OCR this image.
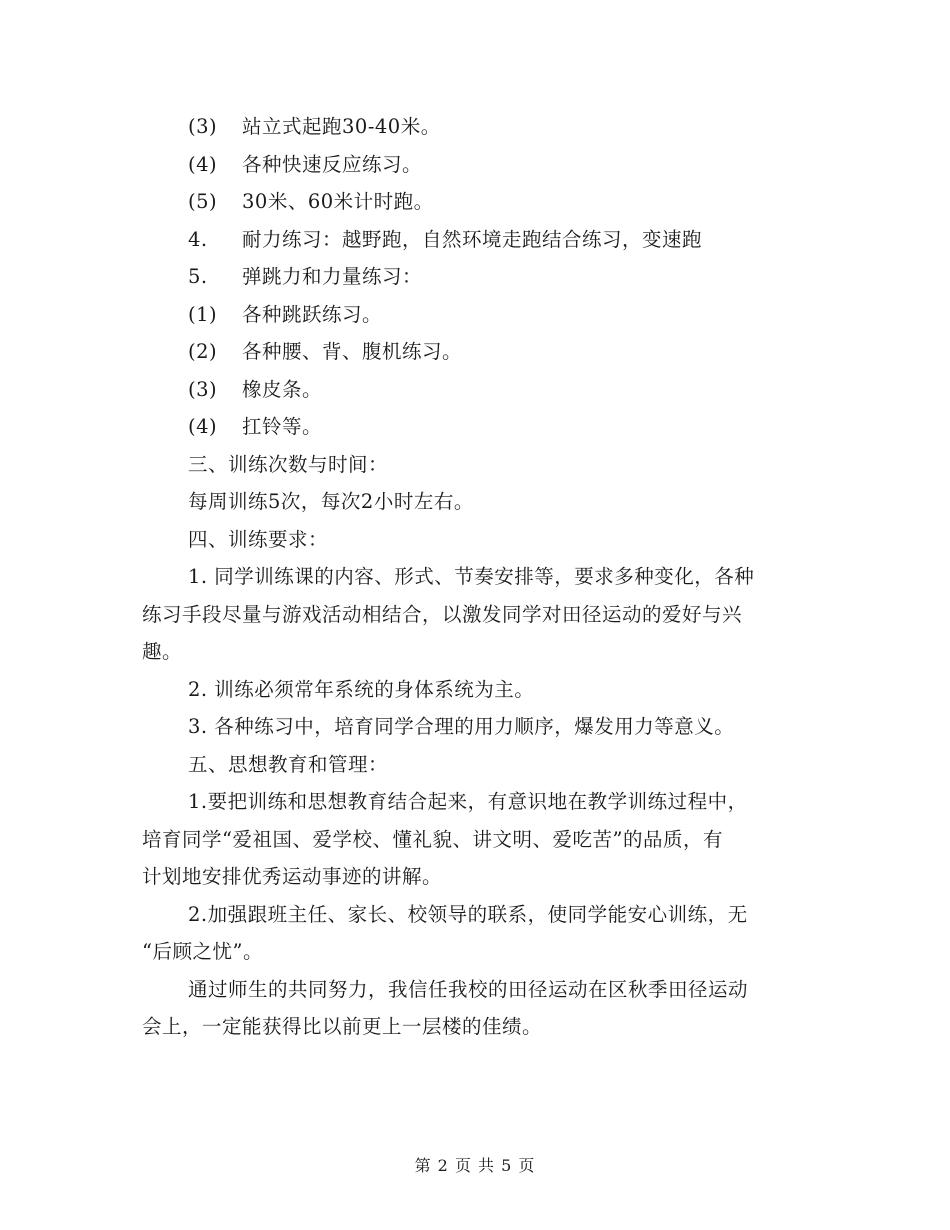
(3) 站立式起跑30-40米。
(4) 各种快速反应练习。
(5) 30米、60米计时跑。
4. 耐力练习：越野跑，自然环境走跑结合练习，变速跑
5. 弹跳力和力量练习：
(1) 各种跳跃练习。
(2) 各种腰、背、腹机练习。
(3) 橡皮条。
(4) 扛铃等。
三、训练次数与时间：
每周训练5次，每次2小时左右。
四、训练要求：
1. 同学训练课的内容、形式、节奏安排等，要求多种变化，各种
练习手段尽量与游戏活动相结合，以激发同学对田径运动的爱好与兴
趣。
2. 训练必须常年系统的身体系统为主。
3. 各种练习中，培育同学合理的用力顺序，爆发用力等意义。
五、思想教育和管理：
1.要把训练和思想教育结合起来，有意识地在教学训练过程中，
培育同学“爱祖国、爱学校、懂礼貌、讲文明、爱吃苦”的品质，有
计划地安排优秀运动事迹的讲解。
2.加强跟班主任、家长、校领导的联系，使同学能安心训练，无
“后顾之忧”。
通过师生的共同努力，我信任我校的田径运动在区秋季田径运动
会上，一定能获得比以前更上一层楼的佳绩。
第 2 页 共 5 页
